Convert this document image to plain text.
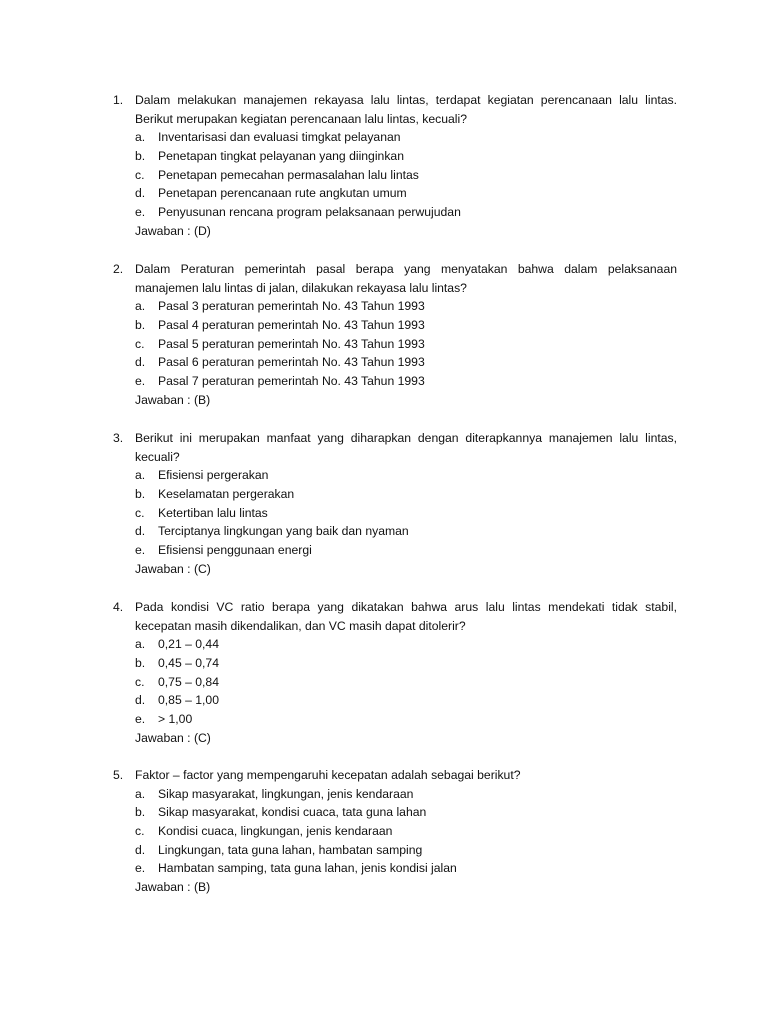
1. Dalam melakukan manajemen rekayasa lalu lintas, terdapat kegiatan perencanaan lalu lintas. Berikut merupakan kegiatan perencanaan lalu lintas, kecuali?
a. Inventarisasi dan evaluasi timgkat pelayanan
b. Penetapan tingkat pelayanan yang diinginkan
c. Penetapan pemecahan permasalahan lalu lintas
d. Penetapan perencanaan rute angkutan umum
e. Penyusunan rencana program pelaksanaan perwujudan
Jawaban : (D)
2. Dalam Peraturan pemerintah pasal berapa yang menyatakan bahwa dalam pelaksanaan manajemen lalu lintas di jalan, dilakukan rekayasa lalu lintas?
a. Pasal 3 peraturan pemerintah No. 43 Tahun 1993
b. Pasal 4 peraturan pemerintah No. 43 Tahun 1993
c. Pasal 5 peraturan pemerintah No. 43 Tahun 1993
d. Pasal 6 peraturan pemerintah No. 43 Tahun 1993
e. Pasal 7 peraturan pemerintah No. 43 Tahun 1993
Jawaban : (B)
3. Berikut ini merupakan manfaat yang diharapkan dengan diterapkannya manajemen lalu lintas, kecuali?
a. Efisiensi pergerakan
b. Keselamatan pergerakan
c. Ketertiban lalu lintas
d. Terciptanya lingkungan yang baik dan nyaman
e. Efisiensi penggunaan energi
Jawaban : (C)
4. Pada kondisi VC ratio berapa yang dikatakan bahwa arus lalu lintas mendekati tidak stabil, kecepatan masih dikendalikan, dan VC masih dapat ditolerir?
a. 0,21 – 0,44
b. 0,45 – 0,74
c. 0,75 – 0,84
d. 0,85 – 1,00
e. > 1,00
Jawaban : (C)
5. Faktor – factor yang mempengaruhi kecepatan adalah sebagai berikut?
a. Sikap masyarakat, lingkungan, jenis kendaraan
b. Sikap masyarakat, kondisi cuaca, tata guna lahan
c. Kondisi cuaca, lingkungan, jenis kendaraan
d. Lingkungan, tata guna lahan, hambatan samping
e. Hambatan samping, tata guna lahan, jenis kondisi jalan
Jawaban : (B)
